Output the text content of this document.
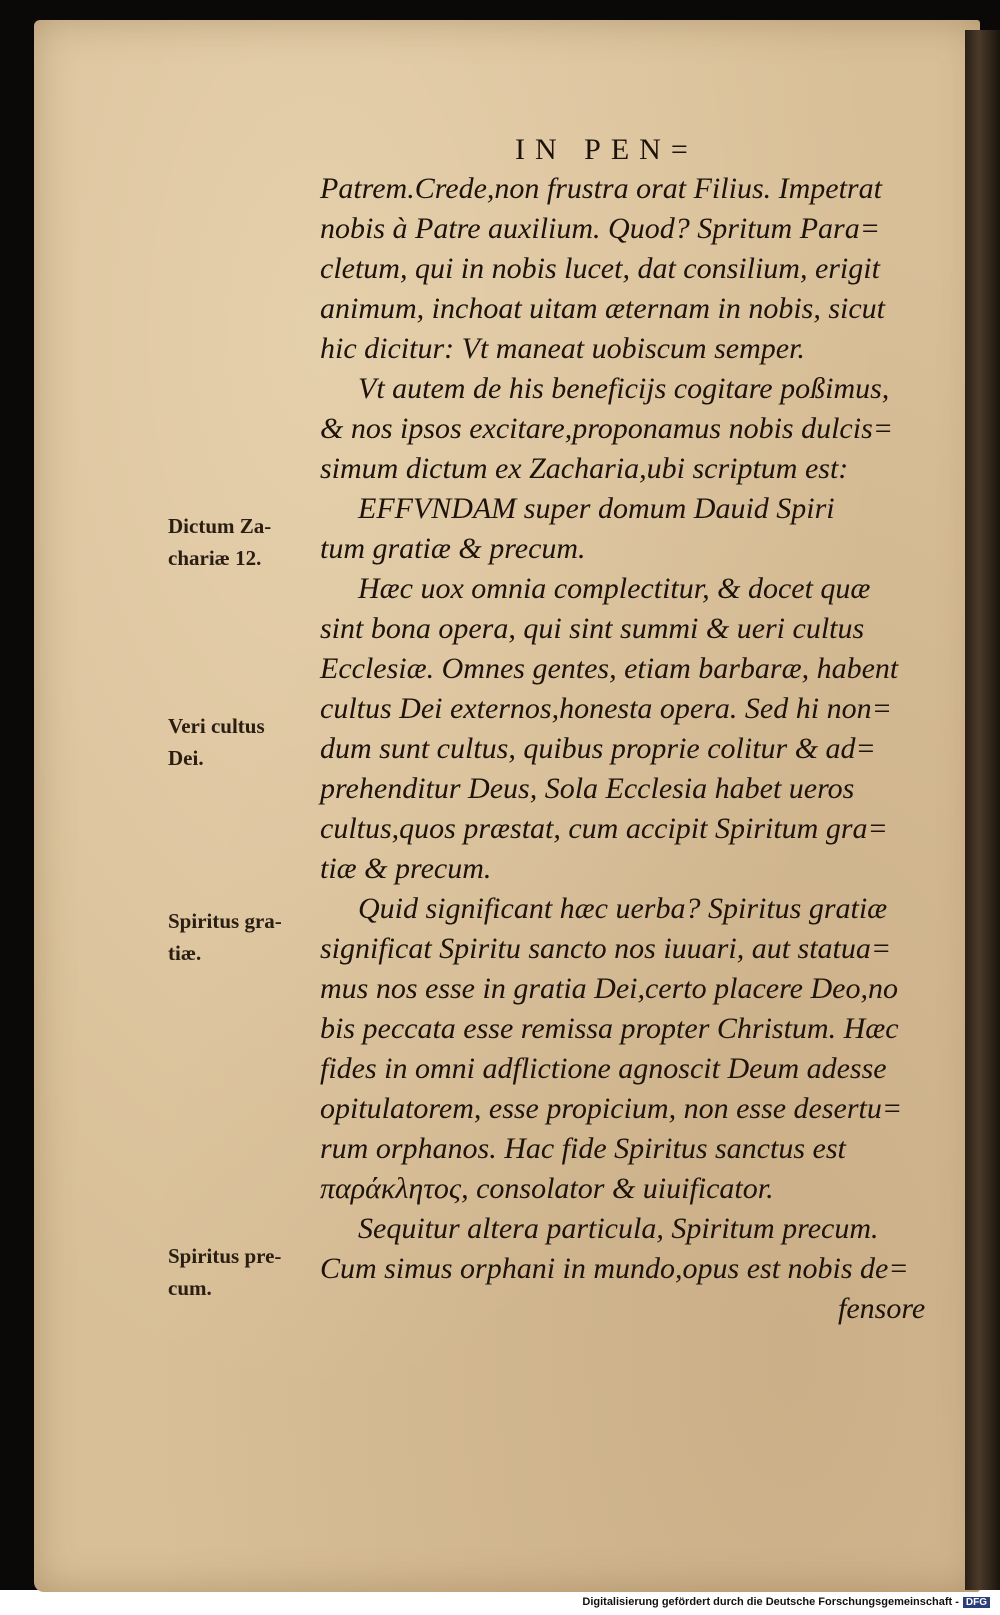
IN PEN=
Patrem.Crede,non frustra orat Filius. Impetrat
nobis à Patre auxilium. Quod? Spritum Para=
cletum, qui in nobis lucet, dat consilium, erigit
animum, inchoat uitam æternam in nobis, sicut
hic dicitur: Vt maneat uobiscum semper.
Vt autem de his beneficijs cogitare poßimus,
& nos ipsos excitare,proponamus nobis dulcis=
simum dictum ex Zacharia,ubi scriptum est:
EFFVNDAM super domum Dauid Spiri
tum gratiæ & precum.
Hæc uox omnia complectitur, & docet quæ
sint bona opera, qui sint summi & ueri cultus
Ecclesiæ. Omnes gentes, etiam barbaræ, habent
cultus Dei externos,honesta opera. Sed hi non=
dum sunt cultus, quibus proprie colitur & ad=
prehenditur Deus, Sola Ecclesia habet ueros
cultus,quos præstat, cum accipit Spiritum gra=
tiæ & precum.
Quid significant hæc uerba? Spiritus gratiæ
significat Spiritu sancto nos iuuari, aut statua=
mus nos esse in gratia Dei,certo placere Deo,no
bis peccata esse remissa propter Christum. Hæc
fides in omni adflictione agnoscit Deum adesse
opitulatorem, esse propicium, non esse desertu=
rum orphanos. Hac fide Spiritus sanctus est
παράκλητος, consolator & uiuificator.
Sequitur altera particula, Spiritum precum.
Cum simus orphani in mundo,opus est nobis de=
fensore
Dictum Za-
chariæ 12.
Veri cultus
Dei.
Spiritus gra-
tiæ.
Spiritus pre-
cum.
Digitalisierung gefördert durch die Deutsche Forschungsgemeinschaft - DFG
